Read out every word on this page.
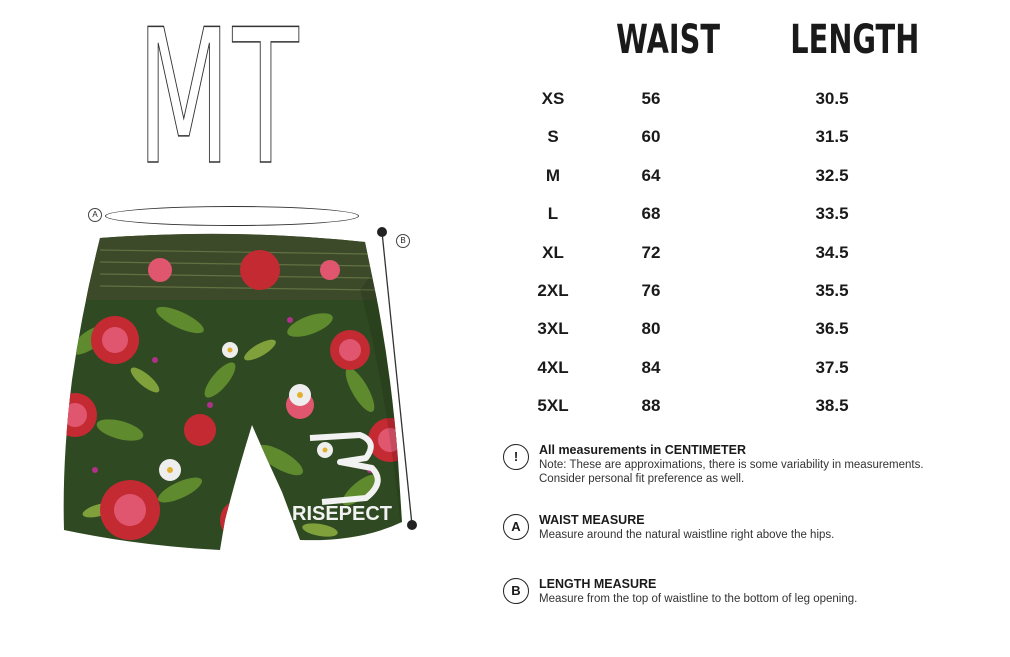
MT
A
B
RISEPECT
WAIST LENGTH
XS	56	30.5
S	60	31.5
M	64	32.5
L	68	33.5
XL	72	34.5
2XL	76	35.5
3XL	80	36.5
4XL	84	37.5
5XL	88	38.5
!	All measurements in CENTIMETER
Note: These are approximations, there is some variability in measurements.
Consider personal fit preference as well.
A	WAIST MEASURE
Measure around the natural waistline right above the hips.
B	LENGTH MEASURE
Measure from the top of waistline to the bottom of leg opening.
